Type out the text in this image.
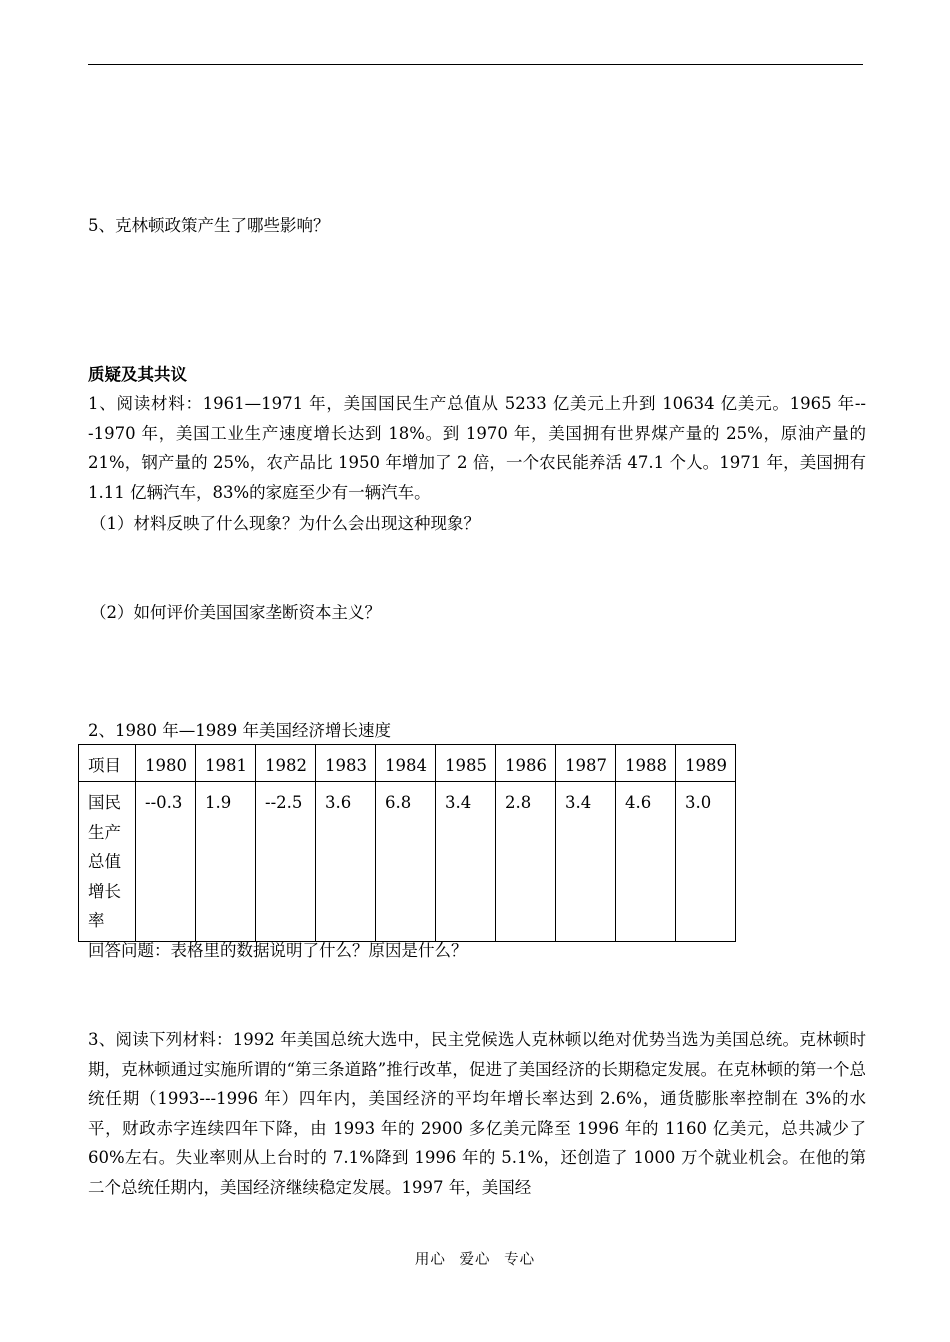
5、克林顿政策产生了哪些影响？
质疑及其共议
1、阅读材料：1961—1971 年，美国国民生产总值从 5233 亿美元上升到 10634 亿美元。1965 年---1970 年，美国工业生产速度增长达到 18%。到 1970 年，美国拥有世界煤产量的 25%，原油产量的 21%，钢产量的 25%，农产品比 1950 年增加了 2 倍，一个农民能养活 47.1 个人。1971 年，美国拥有 1.11 亿辆汽车，83%的家庭至少有一辆汽车。
（1）材料反映了什么现象？为什么会出现这种现象？
（2）如何评价美国国家垄断资本主义？
2、1980 年—1989 年美国经济增长速度
项目	1980	1981	1982	1983	1984	1985	1986	1987	1988	1989

国民生产总值增长率	--0.3	1.9	--2.5	3.6	6.8	3.4	2.8	3.4	4.6	3.0
回答问题：表格里的数据说明了什么？原因是什么？
3、阅读下列材料：1992 年美国总统大选中，民主党候选人克林顿以绝对优势当选为美国总统。克林顿时期，克林顿通过实施所谓的“第三条道路”推行改革，促进了美国经济的长期稳定发展。在克林顿的第一个总统任期（1993---1996 年）四年内，美国经济的平均年增长率达到 2.6%，通货膨胀率控制在 3%的水平，财政赤字连续四年下降，由 1993 年的 2900 多亿美元降至 1996 年的 1160 亿美元，总共减少了 60%左右。失业率则从上台时的 7.1%降到 1996 年的 5.1%，还创造了 1000 万个就业机会。在他的第二个总统任期内，美国经济继续稳定发展。1997 年，美国经
用心 爱心 专心
